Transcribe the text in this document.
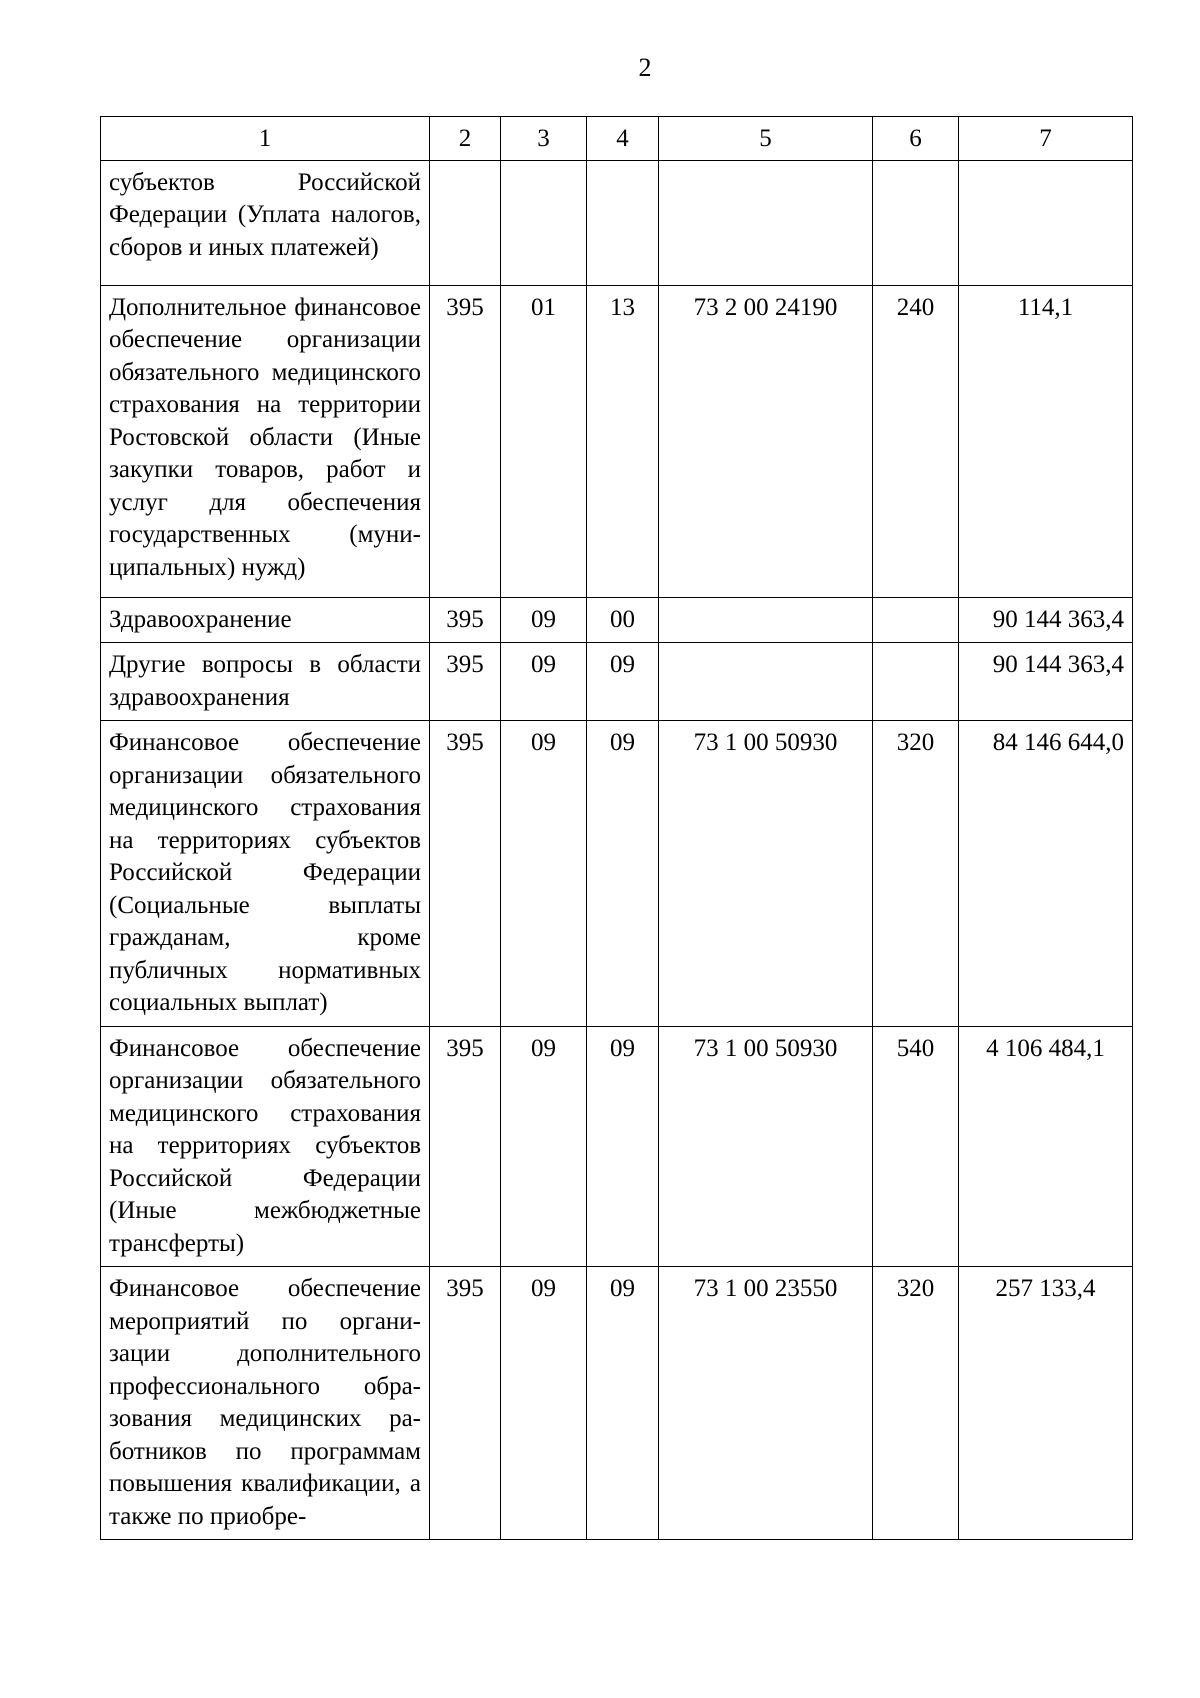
2
1	2	3	4	5	6	7
субъектов Российской Федерации (Уплата налогов, сборов и иных платежей)						
Дополнительное финансовое обеспечение организации обязательного медицинского страхования на территории Ростовской области (Иные закупки товаров, работ и услуг для обеспечения государственных (муниципальных) нужд)	395	01	13	73 2 00 24190	240	114,1
Здравоохранение	395	09	00			90 144 363,4
Другие вопросы в области здравоохранения	395	09	09			90 144 363,4
Финансовое обеспечение организации обязательного медицинского страхования на территориях субъектов Российской Федерации (Социальные выплаты гражданам, кроме публичных нормативных социальных выплат)	395	09	09	73 1 00 50930	320	84 146 644,0
Финансовое обеспечение организации обязательного медицинского страхования на территориях субъектов Российской Федерации (Иные межбюджетные трансферты)	395	09	09	73 1 00 50930	540	4 106 484,1
Финансовое обеспечение мероприятий по организации дополнительного профессионального образования медицинских работников по программам повышения квалификации, а также по приобре-	395	09	09	73 1 00 23550	320	257 133,4
